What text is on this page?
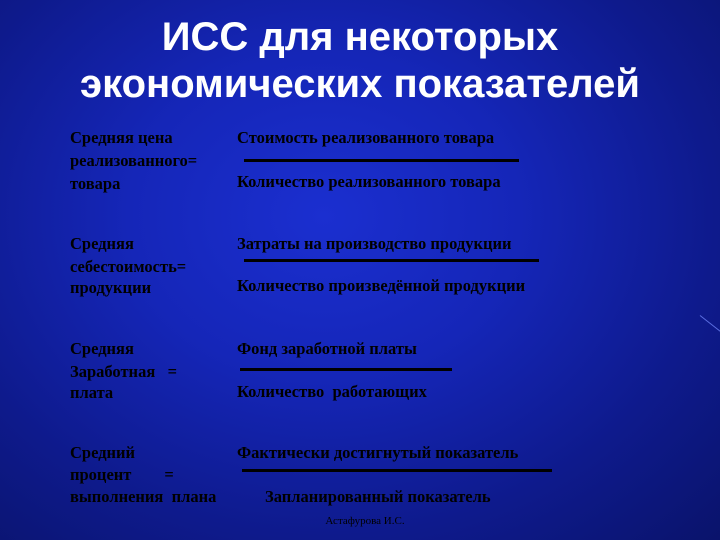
ИСС для некоторых
экономических показателей
Средняя цена
реализованного=
товара
Стоимость реализованного товара
Количество реализованного товара
Средняя
себестоимость=
продукции
Затраты на производство продукции
Количество произведённой продукции
Средняя
Заработная   =
плата
Фонд заработной платы
Количество  работающих
Средний
процент        =
выполнения  плана
Фактически достигнутый показатель
Запланированный показатель
Астафурова И.С.
